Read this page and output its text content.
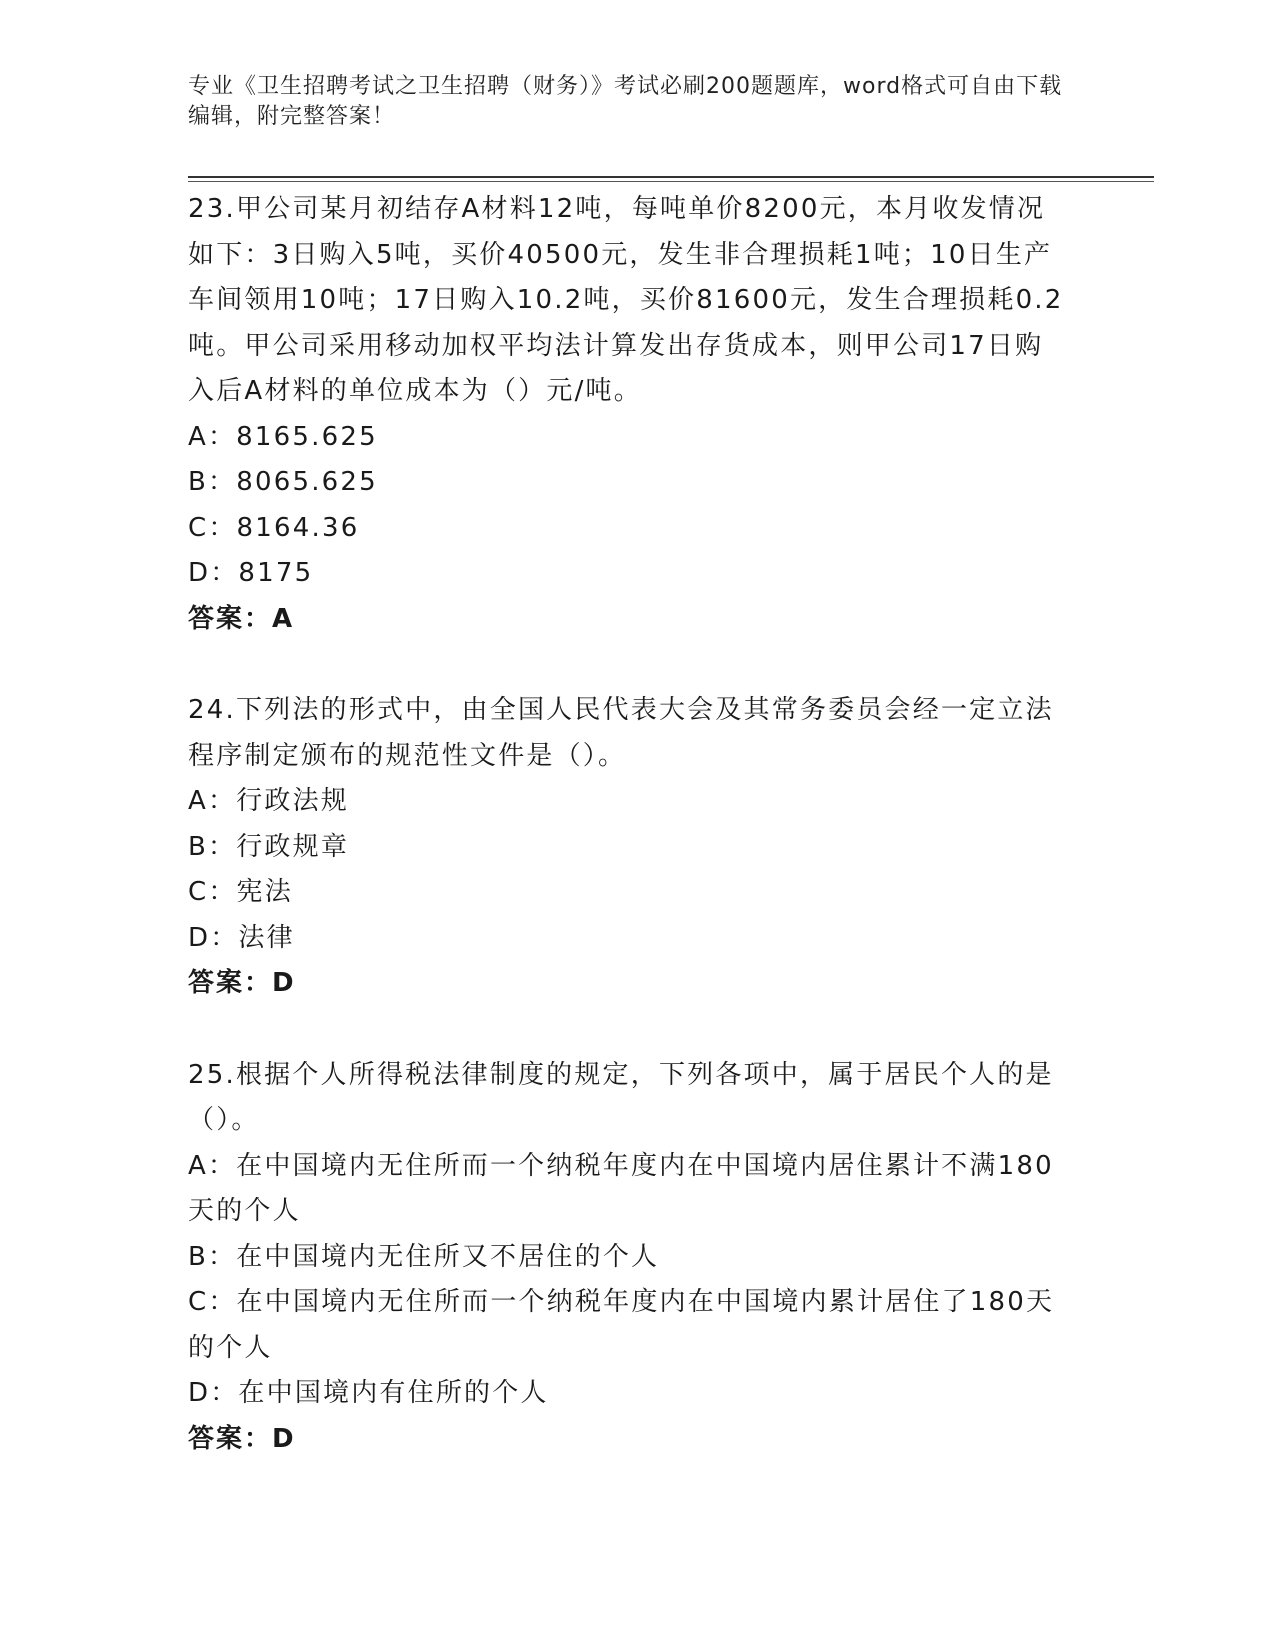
专业《卫生招聘考试之卫生招聘（财务）》考试必刷200题题库，word格式可自由下载编辑，附完整答案！

23.甲公司某月初结存A材料12吨，每吨单价8200元，本月收发情况如下：3日购入5吨，买价40500元，发生非合理损耗1吨；10日生产车间领用10吨；17日购入10.2吨，买价81600元，发生合理损耗0.2吨。甲公司采用移动加权平均法计算发出存货成本，则甲公司17日购入后A材料的单位成本为（）元/吨。

A：8165.625

B：8065.625

C：8164.36

D：8175

答案：A

24.下列法的形式中，由全国人民代表大会及其常务委员会经一定立法程序制定颁布的规范性文件是（）。

A：行政法规

B：行政规章

C：宪法

D：法律

答案：D

25.根据个人所得税法律制度的规定，下列各项中，属于居民个人的是（）。

A：在中国境内无住所而一个纳税年度内在中国境内居住累计不满180天的个人

B：在中国境内无住所又不居住的个人

C：在中国境内无住所而一个纳税年度内在中国境内累计居住了180天的个人

D：在中国境内有住所的个人

答案：D
